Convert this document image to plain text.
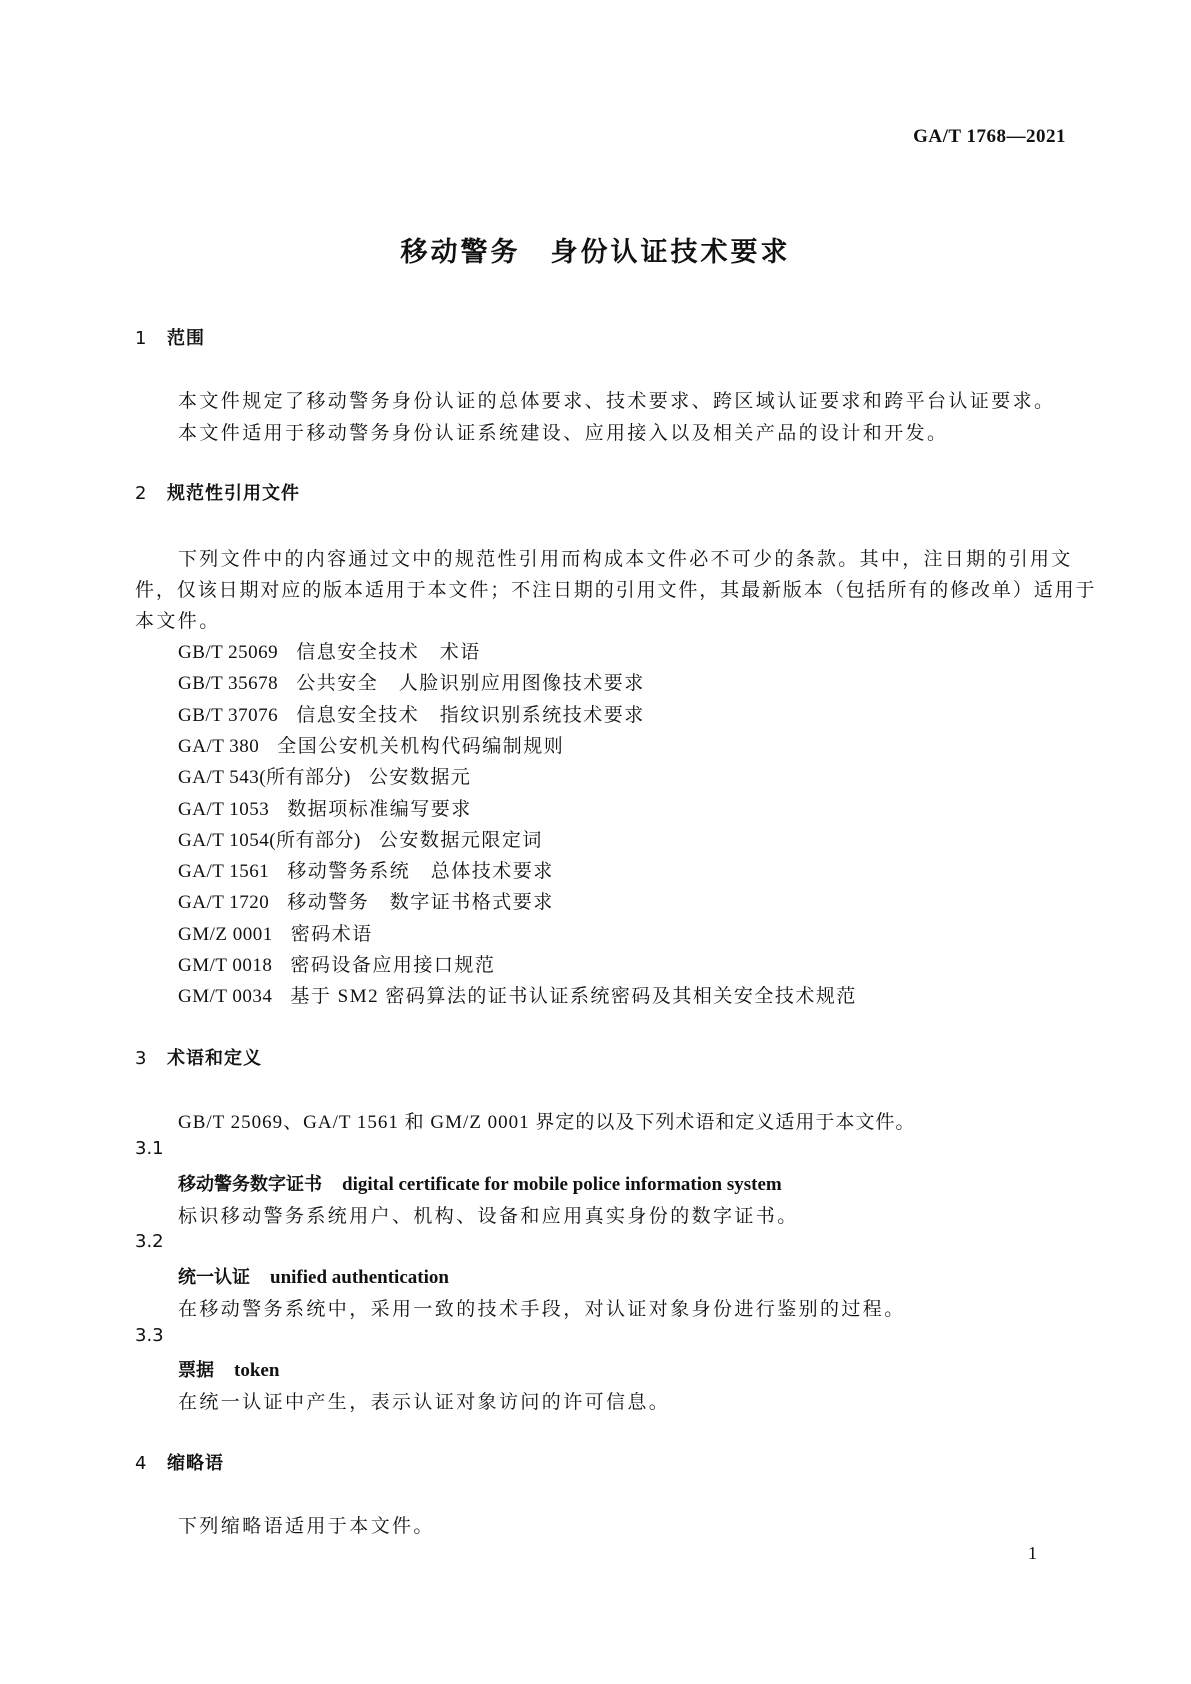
GA/T 1768—2021
移动警务　身份认证技术要求
1 范围
本文件规定了移动警务身份认证的总体要求、技术要求、跨区域认证要求和跨平台认证要求。
本文件适用于移动警务身份认证系统建设、应用接入以及相关产品的设计和开发。
2 规范性引用文件
下列文件中的内容通过文中的规范性引用而构成本文件必不可少的条款。其中，注日期的引用文
件，仅该日期对应的版本适用于本文件；不注日期的引用文件，其最新版本（包括所有的修改单）适用于
本文件。
GB/T 25069 信息安全技术　术语
GB/T 35678 公共安全　人脸识别应用图像技术要求
GB/T 37076 信息安全技术　指纹识别系统技术要求
GA/T 380 全国公安机关机构代码编制规则
GA/T 543(所有部分) 公安数据元
GA/T 1053 数据项标准编写要求
GA/T 1054(所有部分) 公安数据元限定词
GA/T 1561 移动警务系统　总体技术要求
GA/T 1720 移动警务　数字证书格式要求
GM/Z 0001 密码术语
GM/T 0018 密码设备应用接口规范
GM/T 0034 基于 SM2 密码算法的证书认证系统密码及其相关安全技术规范
3 术语和定义
GB/T 25069、GA/T 1561 和 GM/Z 0001 界定的以及下列术语和定义适用于本文件。
3.1
移动警务数字证书 digital certificate for mobile police information system
标识移动警务系统用户、机构、设备和应用真实身份的数字证书。
3.2
统一认证 unified authentication
在移动警务系统中，采用一致的技术手段，对认证对象身份进行鉴别的过程。
3.3
票据 token
在统一认证中产生，表示认证对象访问的许可信息。
4 缩略语
下列缩略语适用于本文件。
1
